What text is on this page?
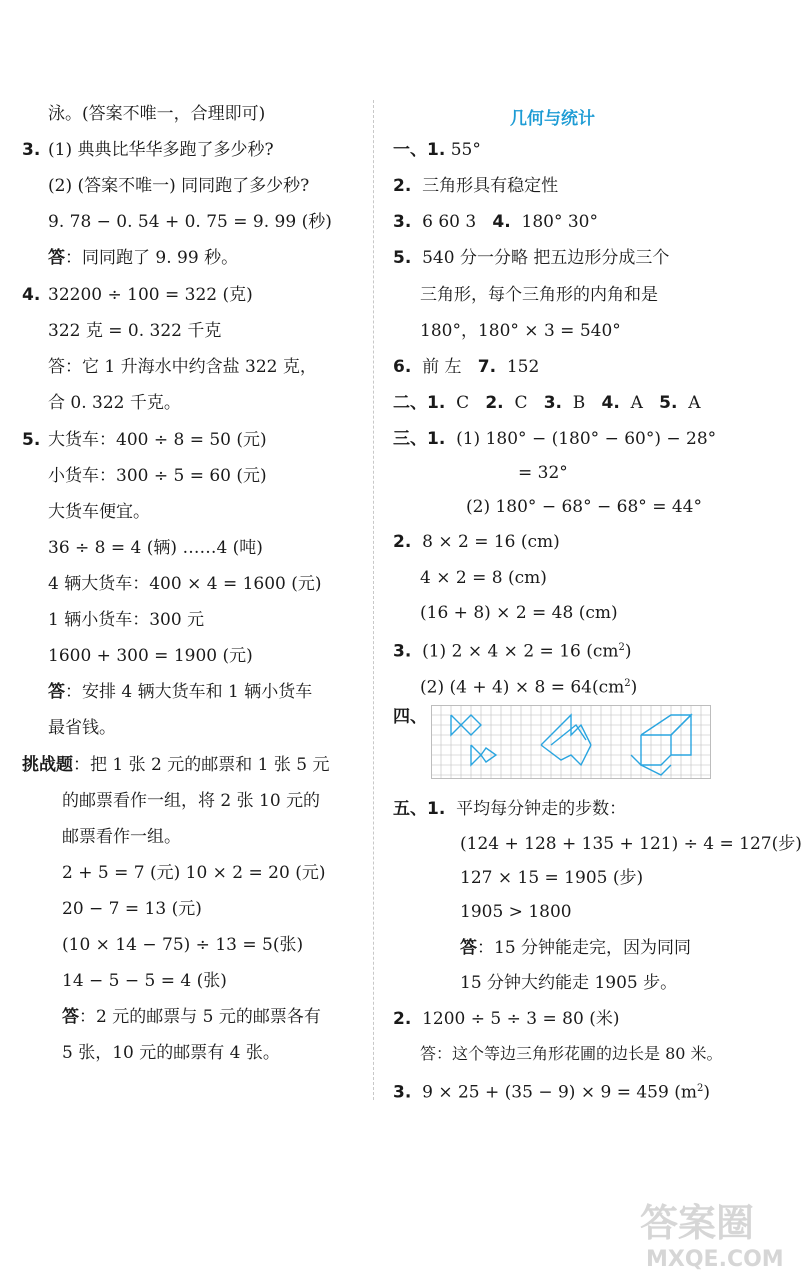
泳。(答案不唯一，合理即可)
3. (1) 典典比华华多跑了多少秒?
(2) (答案不唯一) 同同跑了多少秒?
9. 78 − 0. 54 + 0. 75 = 9. 99 (秒)
答：同同跑了 9. 99 秒。
4. 32200 ÷ 100 = 322 (克)
322 克 = 0. 322 千克
答：它 1 升海水中约含盐 322 克，
合 0. 322 千克。
5. 大货车：400 ÷ 8 = 50 (元)
小货车：300 ÷ 5 = 60 (元)
大货车便宜。
36 ÷ 8 = 4 (辆) ……4 (吨)
4 辆大货车：400 × 4 = 1600 (元)
1 辆小货车：300 元
1600 + 300 = 1900 (元)
答：安排 4 辆大货车和 1 辆小货车
最省钱。
挑战题：把 1 张 2 元的邮票和 1 张 5 元
的邮票看作一组，将 2 张 10 元的
邮票看作一组。
2 + 5 = 7 (元) 10 × 2 = 20 (元)
20 − 7 = 13 (元)
(10 × 14 − 75) ÷ 13 = 5(张)
14 − 5 − 5 = 4 (张)
答：2 元的邮票与 5 元的邮票各有
5 张，10 元的邮票有 4 张。
几何与统计
一、1. 55°
2. 三角形具有稳定性
3. 6 60 3 4. 180° 30°
5. 540 分一分略 把五边形分成三个
三角形，每个三角形的内角和是
180°，180° × 3 = 540°
6. 前 左 7. 152
二、1. C 2. C 3. B 4. A 5. A
三、1. (1) 180° − (180° − 60°) − 28°
= 32°
(2) 180° − 68° − 68° = 44°
2. 8 × 2 = 16 (cm)
4 × 2 = 8 (cm)
(16 + 8) × 2 = 48 (cm)
3. (1) 2 × 4 × 2 = 16 $(cm^2)$
(2) $(4 + 4) \times 8 = 64(cm^2)$
四、
五、1. 平均每分钟走的步数：
(124 + 128 + 135 + 121) ÷ 4 = 127(步)
127 × 15 = 1905 (步)
1905 > 1800
答：15 分钟能走完，因为同同
15 分钟大约能走 1905 步。
2. 1200 ÷ 5 ÷ 3 = 80 (米)
答：这个等边三角形花圃的边长是 80 米。
3. 9 × 25 + (35 − 9) × 9 = 459 $(m^2)$
答案圈
MXQE.COM
